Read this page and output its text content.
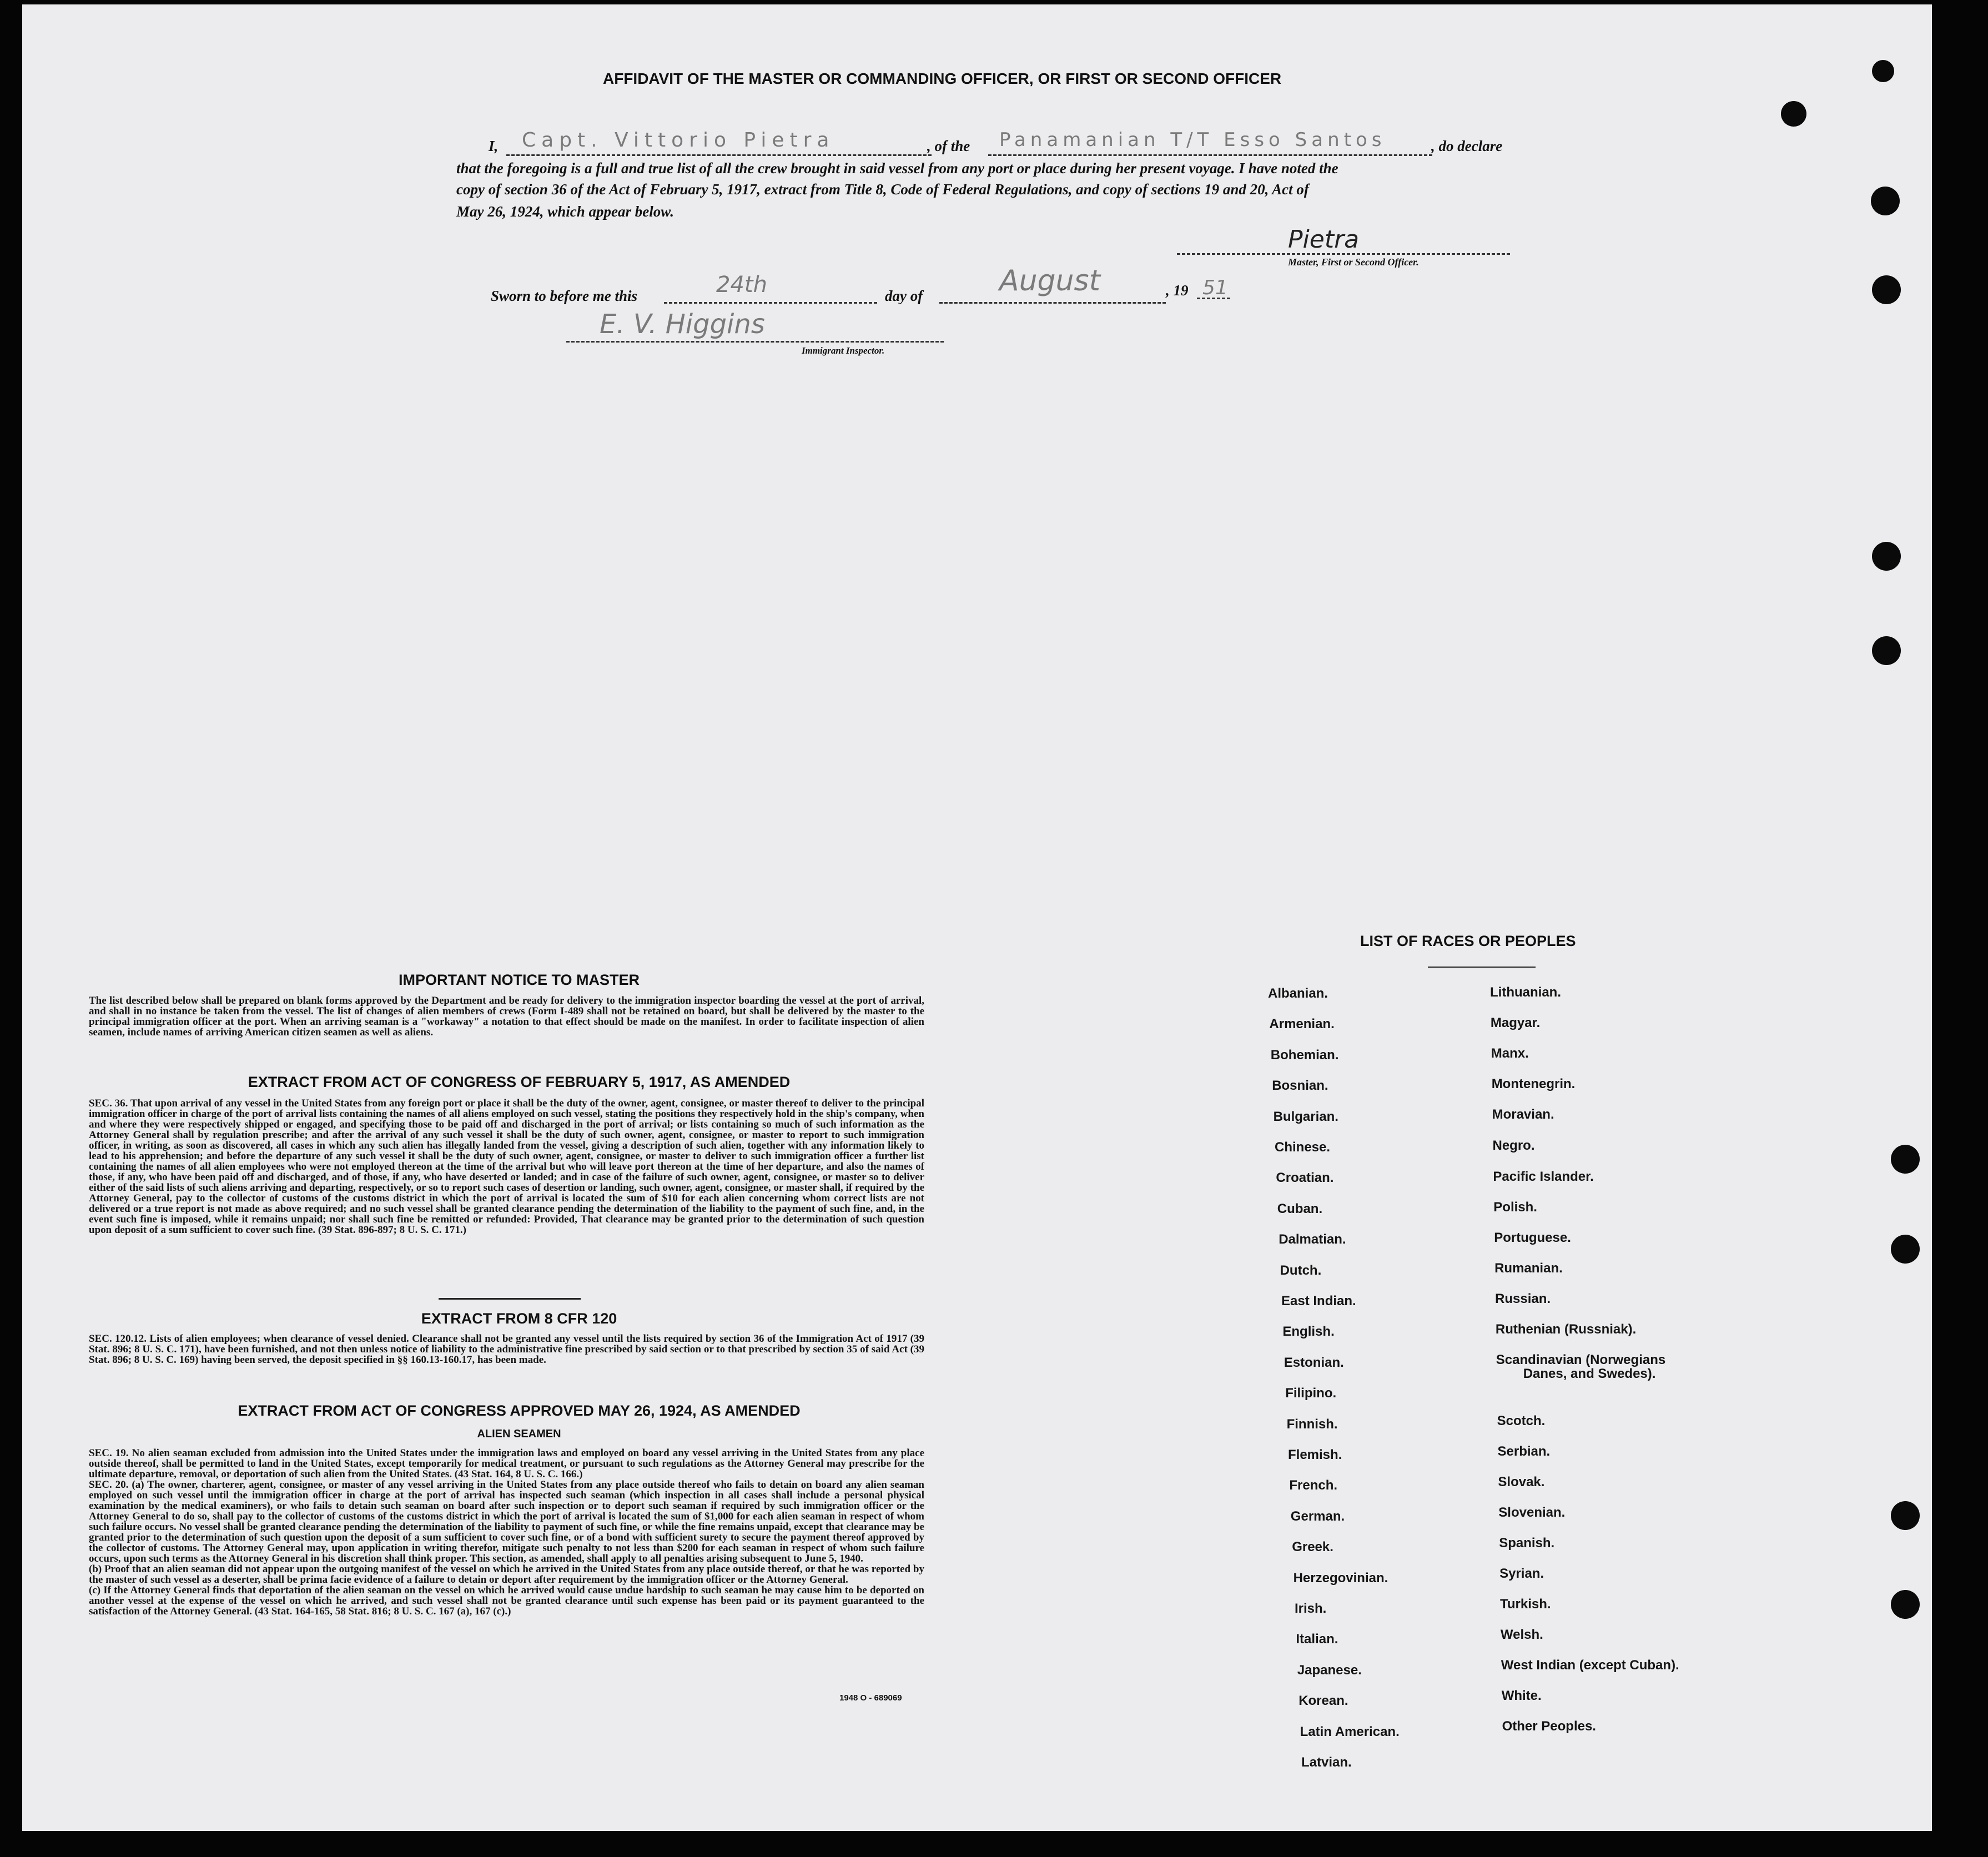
AFFIDAVIT OF THE MASTER OR COMMANDING OFFICER, OR FIRST OR SECOND OFFICER
I, Capt. Vittorio Pietra	, of the Panamanian T/T Esso Santos	, do declare
that the foregoing is a full and true list of all the crew brought in said vessel from any port or place during her present voyage. I have noted the
copy of section 36 of the Act of February 5, 1917, extract from Title 8, Code of Federal Regulations, and copy of sections 19 and 20, Act of
May 26, 1924, which appear below.
Pietra
Master, First or Second Officer.
Sworn to before me this	24th	day of	August	, 19 51
E. V. Higgins
Immigrant Inspector.
IMPORTANT NOTICE TO MASTER
The list described below shall be prepared on blank forms approved by the Department and be ready for delivery to the immigration inspector boarding the vessel at the port of arrival, and shall in no instance be taken from the vessel. The list of changes of alien members of crews (Form I-489 shall not be retained on board, but shall be delivered by the master to the principal immigration officer at the port. When an arriving seaman is a "workaway" a notation to that effect should be made on the manifest. In order to facilitate inspection of alien seamen, include names of arriving American citizen seamen as well as aliens.
EXTRACT FROM ACT OF CONGRESS OF FEBRUARY 5, 1917, AS AMENDED
SEC. 36. That upon arrival of any vessel in the United States from any foreign port or place it shall be the duty of the owner, agent, consignee, or master thereof to deliver to the principal immigration officer in charge of the port of arrival lists containing the names of all aliens employed on such vessel, stating the positions they respectively hold in the ship's company, when and where they were respectively shipped or engaged, and specifying those to be paid off and discharged in the port of arrival; or lists containing so much of such information as the Attorney General shall by regulation prescribe; and after the arrival of any such vessel it shall be the duty of such owner, agent, consignee, or master to report to such immigration officer, in writing, as soon as discovered, all cases in which any such alien has illegally landed from the vessel, giving a description of such alien, together with any information likely to lead to his apprehension; and before the departure of any such vessel it shall be the duty of such owner, agent, consignee, or master to deliver to such immigration officer a further list containing the names of all alien employees who were not employed thereon at the time of the arrival but who will leave port thereon at the time of her departure, and also the names of those, if any, who have been paid off and discharged, and of those, if any, who have deserted or landed; and in case of the failure of such owner, agent, consignee, or master so to deliver either of the said lists of such aliens arriving and departing, respectively, or so to report such cases of desertion or landing, such owner, agent, consignee, or master shall, if required by the Attorney General, pay to the collector of customs of the customs district in which the port of arrival is located the sum of $10 for each alien concerning whom correct lists are not delivered or a true report is not made as above required; and no such vessel shall be granted clearance pending the determination of the liability to the payment of such fine, and, in the event such fine is imposed, while it remains unpaid; nor shall such fine be remitted or refunded: Provided, That clearance may be granted prior to the determination of such question upon deposit of a sum sufficient to cover such fine. (39 Stat. 896-897; 8 U. S. C. 171.)
EXTRACT FROM 8 CFR 120
SEC. 120.12. Lists of alien employees; when clearance of vessel denied. Clearance shall not be granted any vessel until the lists required by section 36 of the Immigration Act of 1917 (39 Stat. 896; 8 U. S. C. 171), have been furnished, and not then unless notice of liability to the administrative fine prescribed by said section or to that prescribed by section 35 of said Act (39 Stat. 896; 8 U. S. C. 169) having been served, the deposit specified in §§ 160.13-160.17, has been made.
EXTRACT FROM ACT OF CONGRESS APPROVED MAY 26, 1924, AS AMENDED
ALIEN SEAMEN
SEC. 19. No alien seaman excluded from admission into the United States under the immigration laws and employed on board any vessel arriving in the United States from any place outside thereof, shall be permitted to land in the United States, except temporarily for medical treatment, or pursuant to such regulations as the Attorney General may prescribe for the ultimate departure, removal, or deportation of such alien from the United States. (43 Stat. 164, 8 U. S. C. 166.)
SEC. 20. (a) The owner, charterer, agent, consignee, or master of any vessel arriving in the United States from any place outside thereof who fails to detain on board any alien seaman employed on such vessel until the immigration officer in charge at the port of arrival has inspected such seaman (which inspection in all cases shall include a personal physical examination by the medical examiners), or who fails to detain such seaman on board after such inspection or to deport such seaman if required by such immigration officer or the Attorney General to do so, shall pay to the collector of customs of the customs district in which the port of arrival is located the sum of $1,000 for each alien seaman in respect of whom such failure occurs. No vessel shall be granted clearance pending the determination of the liability to payment of such fine, or while the fine remains unpaid, except that clearance may be granted prior to the determination of such question upon the deposit of a sum sufficient to cover such fine, or of a bond with sufficient surety to secure the payment thereof approved by the collector of customs. The Attorney General may, upon application in writing therefor, mitigate such penalty to not less than $200 for each seaman in respect of whom such failure occurs, upon such terms as the Attorney General in his discretion shall think proper. This section, as amended, shall apply to all penalties arising subsequent to June 5, 1940.
(b) Proof that an alien seaman did not appear upon the outgoing manifest of the vessel on which he arrived in the United States from any place outside thereof, or that he was reported by the master of such vessel as a deserter, shall be prima facie evidence of a failure to detain or deport after requirement by the immigration officer or the Attorney General.
(c) If the Attorney General finds that deportation of the alien seaman on the vessel on which he arrived would cause undue hardship to such seaman he may cause him to be deported on another vessel at the expense of the vessel on which he arrived, and such vessel shall not be granted clearance until such expense has been paid or its payment guaranteed to the satisfaction of the Attorney General. (43 Stat. 164-165, 58 Stat. 816; 8 U. S. C. 167 (a), 167 (c).)
1948 O - 689069
LIST OF RACES OR PEOPLES
Albanian.
Armenian.
Bohemian.
Bosnian.
Bulgarian.
Chinese.
Croatian.
Cuban.
Dalmatian.
Dutch.
East Indian.
English.
Estonian.
Filipino.
Finnish.
Flemish.
French.
German.
Greek.
Herzegovinian.
Irish.
Italian.
Japanese.
Korean.
Latin American.
Latvian.
Lithuanian.
Magyar.
Manx.
Montenegrin.
Moravian.
Negro.
Pacific Islander.
Polish.
Portuguese.
Rumanian.
Russian.
Ruthenian (Russniak).
Scandinavian (Norwegians
Danes, and Swedes).
Scotch.
Serbian.
Slovak.
Slovenian.
Spanish.
Syrian.
Turkish.
Welsh.
West Indian (except Cuban).
White.
Other Peoples.
